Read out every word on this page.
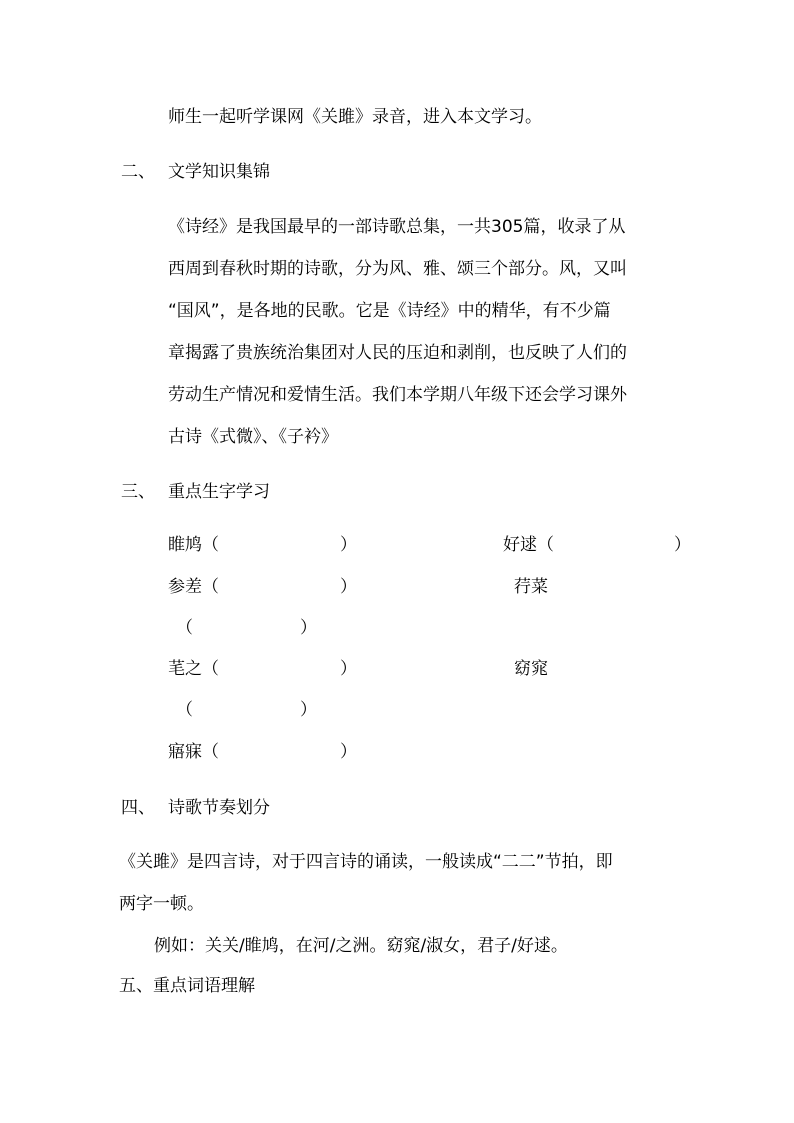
师生一起听学课网《关雎》录音，进入本文学习。
二、 文学知识集锦
《诗经》是我国最早的一部诗歌总集，一共305篇，收录了从
西周到春秋时期的诗歌，分为风、雅、颂三个部分。风，又叫
“国风”，是各地的民歌。它是《诗经》中的精华，有不少篇
章揭露了贵族统治集团对人民的压迫和剥削，也反映了人们的
劳动生产情况和爱情生活。我们本学期八年级下还会学习课外
古诗《式微》、《子衿》
三、 重点生字学习
睢鸠（	）	好逑（	）
参差（	）	荇菜
（	）
芼之（	）	窈窕
（	）
寤寐（	）
四、 诗歌节奏划分
《关雎》是四言诗，对于四言诗的诵读，一般读成“二二”节拍，即
两字一顿。
例如：关关/睢鸠，在河/之洲。窈窕/淑女，君子/好逑。
五、重点词语理解
